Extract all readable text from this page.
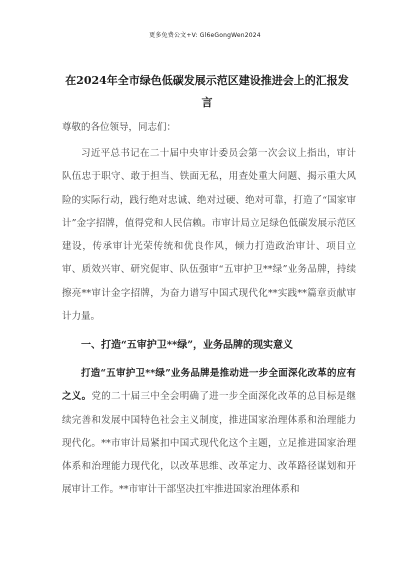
更多免费公文+V: Gl6eGongWen2024
在2024年全市绿色低碳发展示范区建设推进会上的汇报发言

尊敬的各位领导，同志们：

习近平总书记在二十届中央审计委员会第一次会议上指出，审计队伍忠于职守、敢于担当、铁面无私，用查处重大问题、揭示重大风险的实际行动，践行绝对忠诚、绝对过硬、绝对可靠，打造了“国家审计”金字招牌，值得党和人民信赖。市审计局立足绿色低碳发展示范区建设，传承审计光荣传统和优良作风，倾力打造政治审计、项目立审、质效兴审、研究促审、队伍强审“五审护卫**绿”业务品牌，持续擦亮**审计金字招牌，为奋力谱写中国式现代化**实践**篇章贡献审计力量。

一、打造“五审护卫**绿”，业务品牌的现实意义

打造“五审护卫**绿”业务品牌是推动进一步全面深化改革的应有之义。党的二十届三中全会明确了进一步全面深化改革的总目标是继续完善和发展中国特色社会主义制度，推进国家治理体系和治理能力现代化。**市审计局紧扣中国式现代化这个主题，立足推进国家治理体系和治理能力现代化，以改革思维、改革定力、改革路径谋划和开展审计工作。**市审计干部坚决扛牢推进国家治理体系和
